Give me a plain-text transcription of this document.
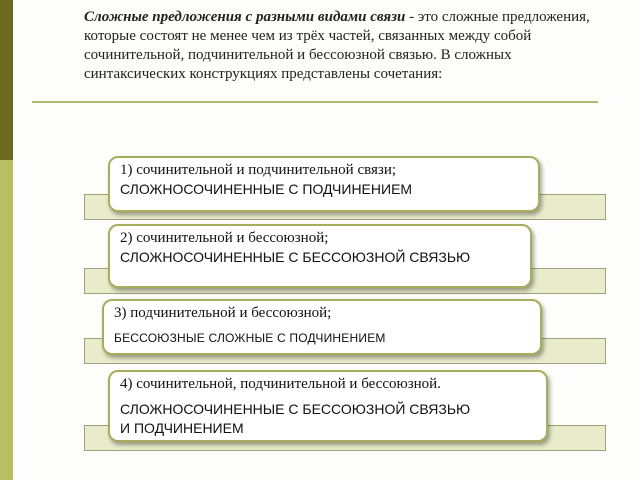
Сложные предложения с разными видами связи - это сложные предложения, которые состоят не менее чем из трёх частей, связанных между собой сочинительной, подчинительной и бессоюзной связью. В сложных синтаксических конструкциях представлены сочетания:
1) сочинительной и подчинительной связи;
СЛОЖНОСОЧИНЕННЫЕ С ПОДЧИНЕНИЕМ
2) сочинительной и бессоюзной;
СЛОЖНОСОЧИНЕННЫЕ С БЕССОЮЗНОЙ СВЯЗЬЮ
3) подчинительной и бессоюзной;
БЕССОЮЗНЫЕ СЛОЖНЫЕ С ПОДЧИНЕНИЕМ
4) сочинительной, подчинительной и бессоюзной.
СЛОЖНОСОЧИНЕННЫЕ С БЕССОЮЗНОЙ СВЯЗЬЮ И ПОДЧИНЕНИЕМ
